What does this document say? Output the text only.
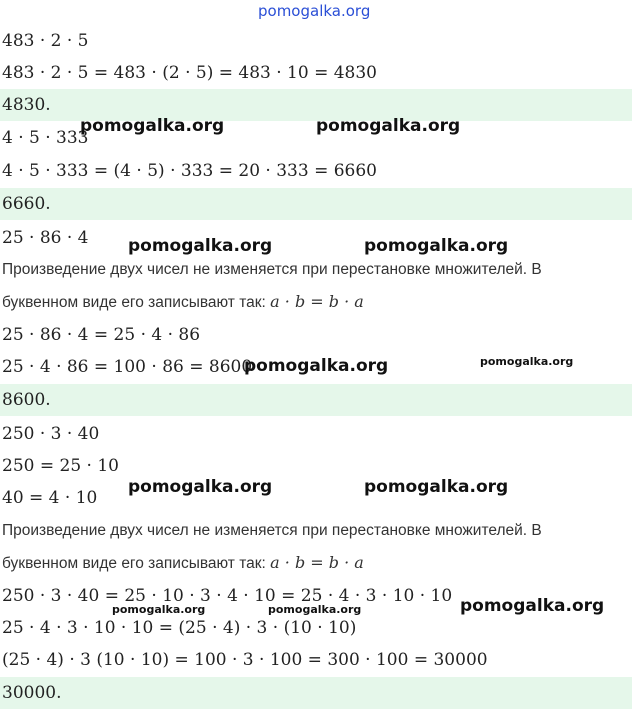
pomogalka.org
483 · 2 · 5
483 · 2 · 5 = 483 · (2 · 5) = 483 · 10 = 4830
4830.
4 · 5 · 333
4 · 5 · 333 = (4 · 5) · 333 = 20 · 333 = 6660
6660.
25 · 86 · 4
Произведение двух чисел не изменяется при перестановке множителей. В
буквенном виде его записывают так: a · b = b · a
25 · 86 · 4 = 25 · 4 · 86
25 · 4 · 86 = 100 · 86 = 8600
8600.
250 · 3 · 40
250 = 25 · 10
40 = 4 · 10
Произведение двух чисел не изменяется при перестановке множителей. В
буквенном виде его записывают так: a · b = b · a
250 · 3 · 40 = 25 · 10 · 3 · 4 · 10 = 25 · 4 · 3 · 10 · 10
25 · 4 · 3 · 10 · 10 = (25 · 4) · 3 · (10 · 10)
(25 · 4) · 3 (10 · 10) = 100 · 3 · 100 = 300 · 100 = 30000
30000.
pomogalka.org	pomogalka.org
pomogalka.org	pomogalka.org
pomogalka.org	pomogalka.org
pomogalka.org	pomogalka.org
pomogalka.org
pomogalka.org	pomogalka.org
